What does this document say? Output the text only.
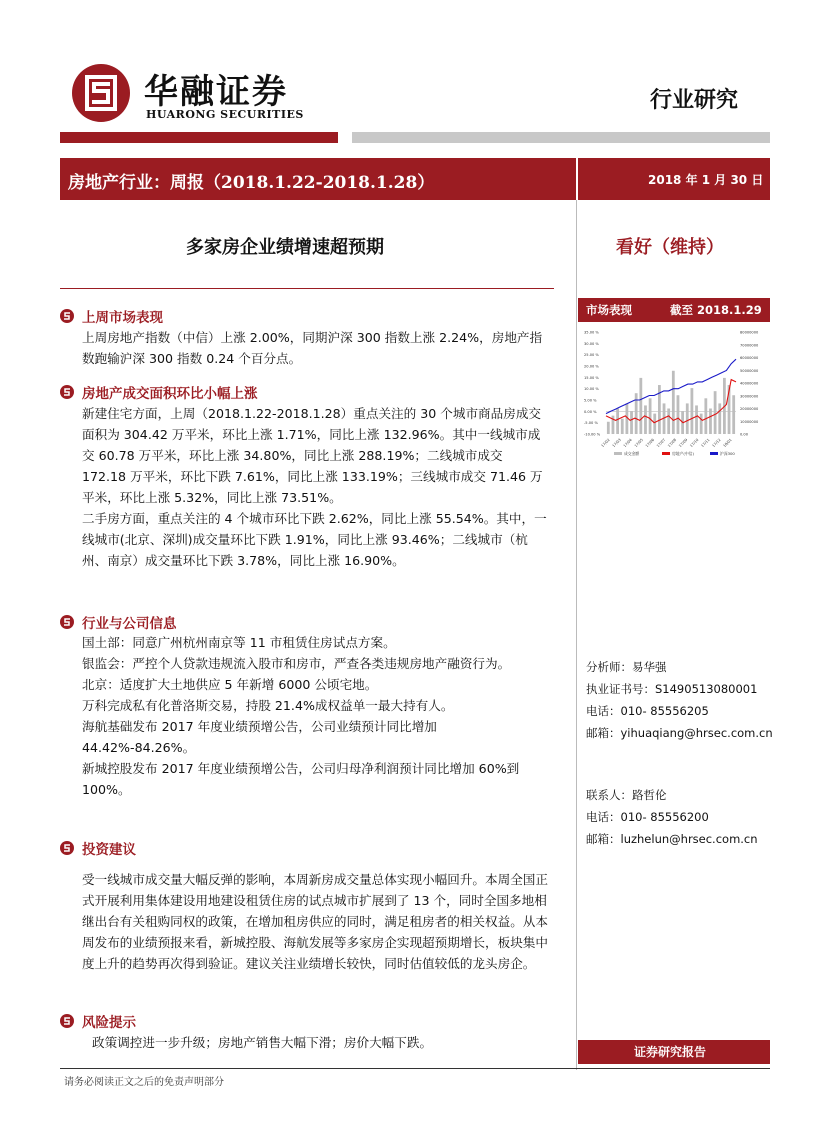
华融证券
HUARONG SECURITIES
行业研究
房地产行业：周报（2018.1.22-2018.1.28）	2018 年 1 月 30 日
多家房企业绩增速超预期	看好（维持）
上周市场表现

上周房地产指数（中信）上涨 2.00%，同期沪深 300 指数上涨 2.24%，房地产指数跑输沪深 300 指数 0.24 个百分点。

房地产成交面积环比小幅上涨

新建住宅方面，上周（2018.1.22-2018.1.28）重点关注的 30 个城市商品房成交面积为 304.42 万平米，环比上涨 1.71%，同比上涨 132.96%。其中一线城市成交 60.78 万平米，环比上涨 34.80%，同比上涨 288.19%；二线城市成交 172.18 万平米，环比下跌 7.61%，同比上涨 133.19%；三线城市成交 71.46 万平米，环比上涨 5.32%，同比上涨 73.51%。

二手房方面，重点关注的 4 个城市环比下跌 2.62%，同比上涨 55.54%。其中，一线城市(北京、深圳)成交量环比下跌 1.91%，同比上涨 93.46%；二线城市（杭州、南京）成交量环比下跌 3.78%，同比上涨 16.90%。

行业与公司信息

国土部：同意广州杭州南京等 11 市租赁住房试点方案。

银监会：严控个人贷款违规流入股市和房市，严查各类违规房地产融资行为。

北京：适度扩大土地供应 5 年新增 6000 公顷宅地。

万科完成私有化普洛斯交易，持股 21.4%成权益单一最大持有人。

海航基础发布 2017 年度业绩预增公告，公司业绩预计同比增加 44.42%-84.26%。

新城控股发布 2017 年度业绩预增公告，公司归母净利润预计同比增加 60%到 100%。

投资建议

受一线城市成交量大幅反弹的影响，本周新房成交量总体实现小幅回升。本周全国正式开展利用集体建设用地建设租赁住房的试点城市扩展到了 13 个，同时全国多地相继出台有关租购同权的政策，在增加租房供应的同时，满足租房者的相关权益。从本周发布的业绩预报来看，新城控股、海航发展等多家房企实现超预期增长，板块集中度上升的趋势再次得到验证。建议关注业绩增长较快，同时估值较低的龙头房企。

风险提示

政策调控进一步升级；房地产销售大幅下滑；房价大幅下跌。

市场表现	截至 2018.1.29
35.00 %
30.00 %
25.00 %
20.00 %
15.00 %
10.00 %
5.00 %
0.00 %
-5.00 %
-10.00 %
80000000
70000000
60000000
50000000
40000000
30000000
20000000
10000000
0.00
17/02 17/03 17/04 17/05 17/06 17/07 17/08 17/09 17/10 17/11 17/12 18/01
成交金额	房地产(中信)	沪深300
分析师：易华强
执业证书号：S1490513080001
电话：010- 85556205
邮箱：yihuaqiang@hrsec.com.cn
联系人：路哲伦
电话：010- 85556200
邮箱：luzhelun@hrsec.com.cn
证券研究报告
请务必阅读正文之后的免责声明部分
